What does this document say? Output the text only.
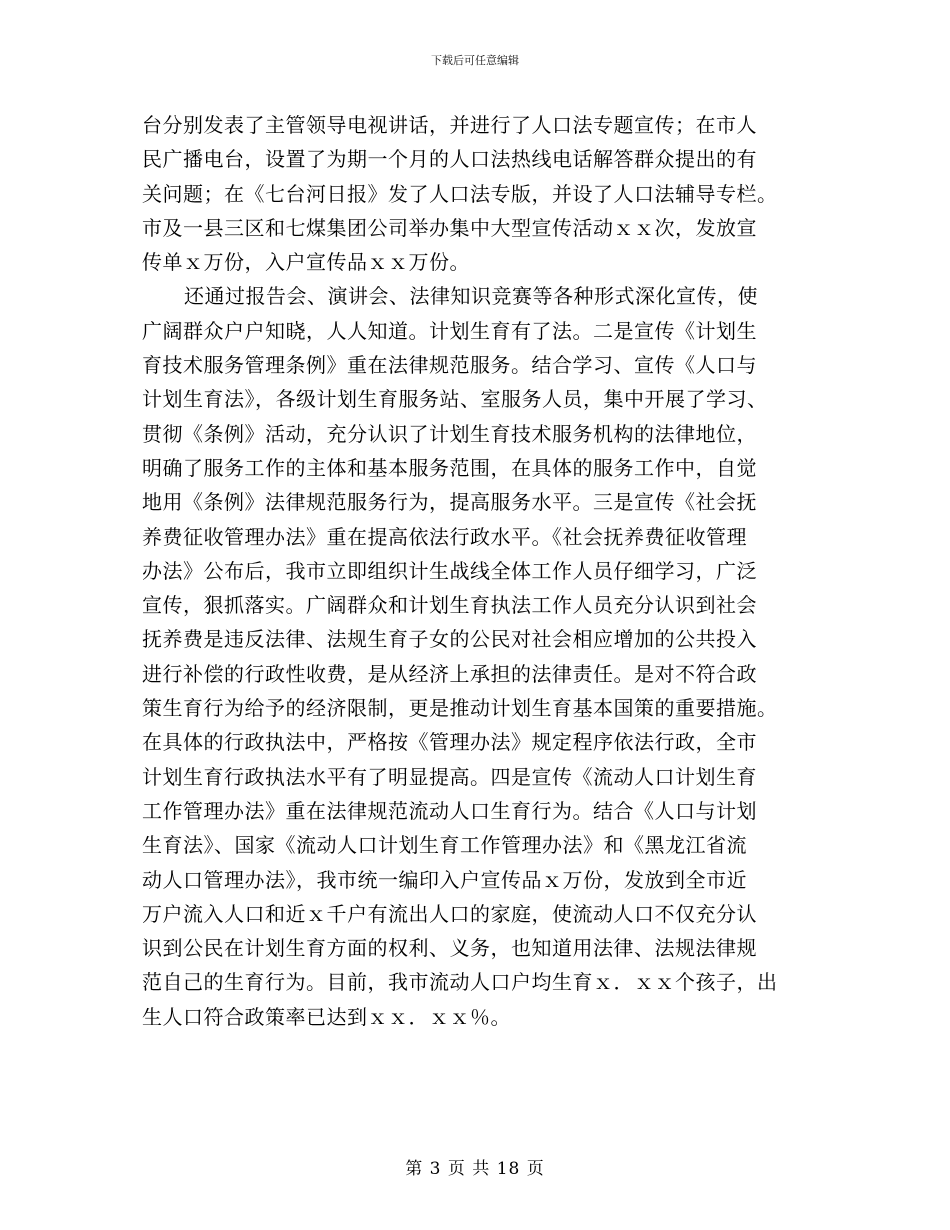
下载后可任意编辑
台分别发表了主管领导电视讲话，并进行了人口法专题宣传；在市人
民广播电台，设置了为期一个月的人口法热线电话解答群众提出的有
关问题；在《七台河日报》发了人口法专版，并设了人口法辅导专栏。
市及一县三区和七煤集团公司举办集中大型宣传活动ｘｘ次，发放宣
传单ｘ万份，入户宣传品ｘｘ万份。
还通过报告会、演讲会、法律知识竞赛等各种形式深化宣传，使
广阔群众户户知晓，人人知道。计划生育有了法。二是宣传《计划生
育技术服务管理条例》重在法律规范服务。结合学习、宣传《人口与
计划生育法》，各级计划生育服务站、室服务人员，集中开展了学习、
贯彻《条例》活动，充分认识了计划生育技术服务机构的法律地位，
明确了服务工作的主体和基本服务范围，在具体的服务工作中，自觉
地用《条例》法律规范服务行为，提高服务水平。三是宣传《社会抚
养费征收管理办法》重在提高依法行政水平。《社会抚养费征收管理
办法》公布后，我市立即组织计生战线全体工作人员仔细学习，广泛
宣传，狠抓落实。广阔群众和计划生育执法工作人员充分认识到社会
抚养费是违反法律、法规生育子女的公民对社会相应增加的公共投入
进行补偿的行政性收费，是从经济上承担的法律责任。是对不符合政
策生育行为给予的经济限制，更是推动计划生育基本国策的重要措施。
在具体的行政执法中，严格按《管理办法》规定程序依法行政，全市
计划生育行政执法水平有了明显提高。四是宣传《流动人口计划生育
工作管理办法》重在法律规范流动人口生育行为。结合《人口与计划
生育法》、国家《流动人口计划生育工作管理办法》和《黑龙江省流
动人口管理办法》，我市统一编印入户宣传品ｘ万份，发放到全市近
万户流入人口和近ｘ千户有流出人口的家庭，使流动人口不仅充分认
识到公民在计划生育方面的权利、义务，也知道用法律、法规法律规
范自己的生育行为。目前，我市流动人口户均生育ｘ．ｘｘ个孩子，出
生人口符合政策率已达到ｘｘ．ｘｘ％。
第 3 页 共 18 页
